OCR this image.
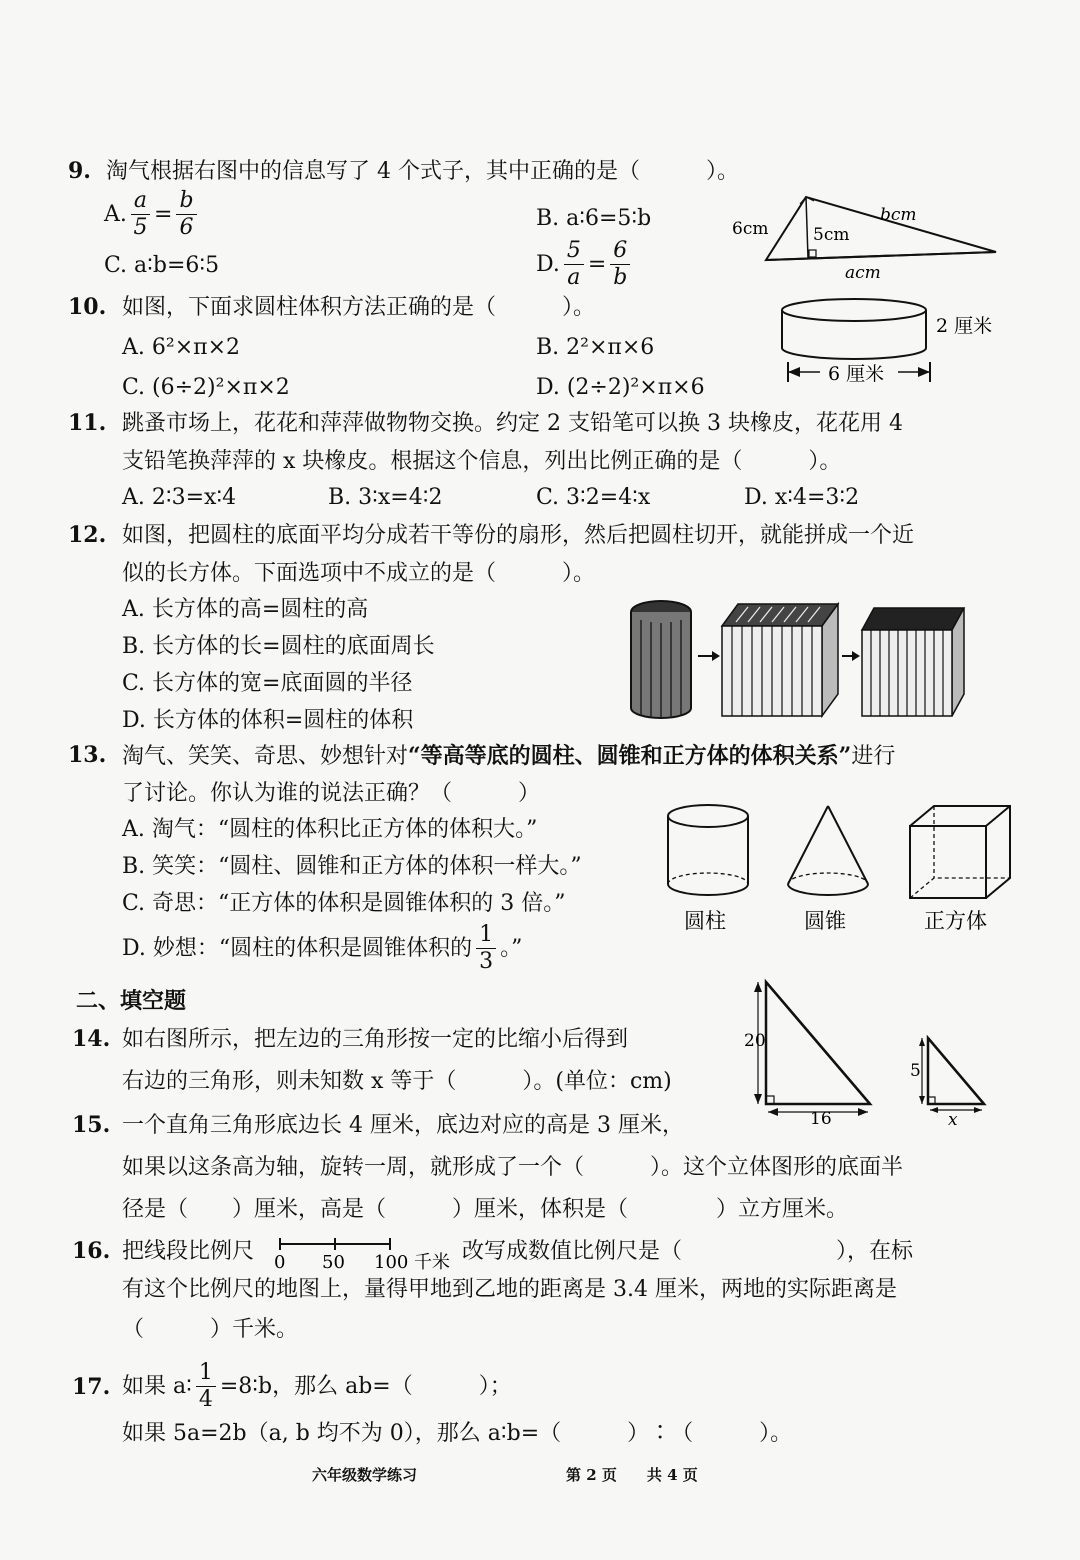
9. 淘气根据右图中的信息写了 4 个式子，其中正确的是（　　　）。
A. $\frac{a}{5} = \frac{b}{6}$	B. a∶6=5∶b
C. a∶b=6∶5	D. $\frac{5}{a} = \frac{6}{b}$
6cm
bcm
5cm
acm
10. 如图，下面求圆柱体积方法正确的是（　　　）。
A. 6²×π×2	B. 2²×π×6
C. (6÷2)²×π×2	D. (2÷2)²×π×6
2 厘米
6 厘米
11. 跳蚤市场上，花花和萍萍做物物交换。约定 2 支铅笔可以换 3 块橡皮，花花用 4
支铅笔换萍萍的 x 块橡皮。根据这个信息，列出比例正确的是（　　　）。
A. 2∶3=x∶4	B. 3∶x=4∶2	C. 3∶2=4∶x	D. x∶4=3∶2
12. 如图，把圆柱的底面平均分成若干等份的扇形，然后把圆柱切开，就能拼成一个近
似的长方体。下面选项中不成立的是（　　　）。
A. 长方体的高=圆柱的高
B. 长方体的长=圆柱的底面周长
C. 长方体的宽=底面圆的半径
D. 长方体的体积=圆柱的体积
13. 淘气、笑笑、奇思、妙想针对“等高等底的圆柱、圆锥和正方体的体积关系”进行
了讨论。你认为谁的说法正确？（　　　）
A. 淘气：“圆柱的体积比正方体的体积大。”
B. 笑笑：“圆柱、圆锥和正方体的体积一样大。”
C. 奇思：“正方体的体积是圆锥体积的 3 倍。”
D. 妙想：“圆柱的体积是圆锥体积的 $\frac{1}{3}$ 。”
圆柱	圆锥	正方体
二、填空题
14. 如右图所示，把左边的三角形按一定的比缩小后得到
右边的三角形，则未知数 x 等于（　　　）。(单位：cm)
20
16
5
x
15. 一个直角三角形底边长 4 厘米，底边对应的高是 3 厘米，
如果以这条高为轴，旋转一周，就形成了一个（　　　）。这个立体图形的底面半
径是（　　）厘米，高是（　　　）厘米，体积是（　　　　）立方厘米。
16. 把线段比例尺 0 50 100 千米 改写成数值比例尺是（　　　　　　　），在标
有这个比例尺的地图上，量得甲地到乙地的距离是 3.4 厘米，两地的实际距离是
（　　　）千米。
17. 如果 a∶ $\frac{1}{4}$ =8∶b，那么 ab=（　　　）；
如果 5a=2b（a, b 均不为 0），那么 a∶b=（　　　）∶（　　　）。
六年级数学练习	第 2 页　　共 4 页
